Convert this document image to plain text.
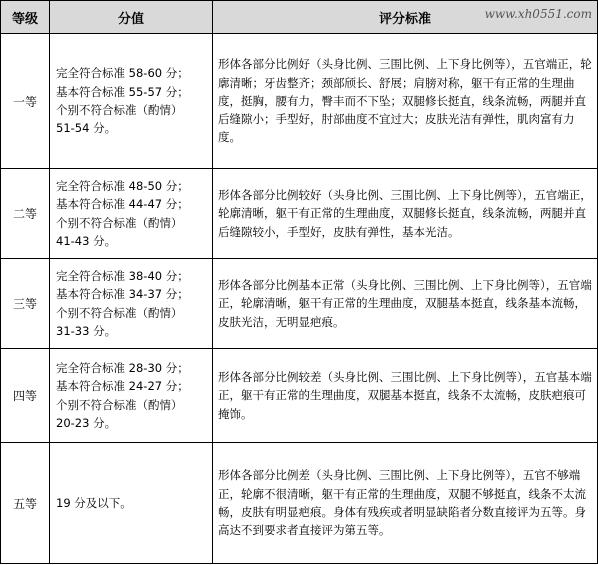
等级	分值	评分标准
一等	完全符合标准 58-60 分；
基本符合标准 55-57 分；
个别不符合标准（酌情）
51-54 分。	形体各部分比例好（头身比例、三围比例、上下身比例等），五官端正，轮廓清晰；牙齿整齐；颈部颀长、舒展；肩膀对称，躯干有正常的生理曲度，挺胸，腰有力，臀丰而不下坠；双腿修长挺直，线条流畅，两腿并直后缝隙小；手型好，肘部曲度不宜过大；皮肤光洁有弹性，肌肉富有力度。
二等	完全符合标准 48-50 分；
基本符合标准 44-47 分；
个别不符合标准（酌情）
41-43 分。	形体各部分比例较好（头身比例、三围比例、上下身比例等），五官端正，轮廓清晰，躯干有正常的生理曲度，双腿修长挺直，线条流畅，两腿并直后缝隙较小，手型好，皮肤有弹性，基本光洁。
三等	完全符合标准 38-40 分；
基本符合标准 34-37 分；
个别不符合标准（酌情）
31-33 分。	形体各部分比例基本正常（头身比例、三围比例、上下身比例等），五官端正，轮廓清晰，躯干有正常的生理曲度，双腿基本挺直，线条基本流畅，皮肤光洁，无明显疤痕。
四等	完全符合标准 28-30 分；
基本符合标准 24-27 分；
个别不符合标准（酌情）
20-23 分。	形体各部分比例较差（头身比例、三围比例、上下身比例等），五官基本端正，躯干有正常的生理曲度，双腿基本挺直，线条不太流畅，皮肤疤痕可掩饰。
五等	19 分及以下。	形体各部分比例差（头身比例、三围比例、上下身比例等），五官不够端正，轮廓不很清晰，躯干有正常的生理曲度，双腿不够挺直，线条不太流畅，皮肤有明显疤痕。身体有残疾或者明显缺陷者分数直接评为五等。身高达不到要求者直接评为第五等。
www.xh0551.com
